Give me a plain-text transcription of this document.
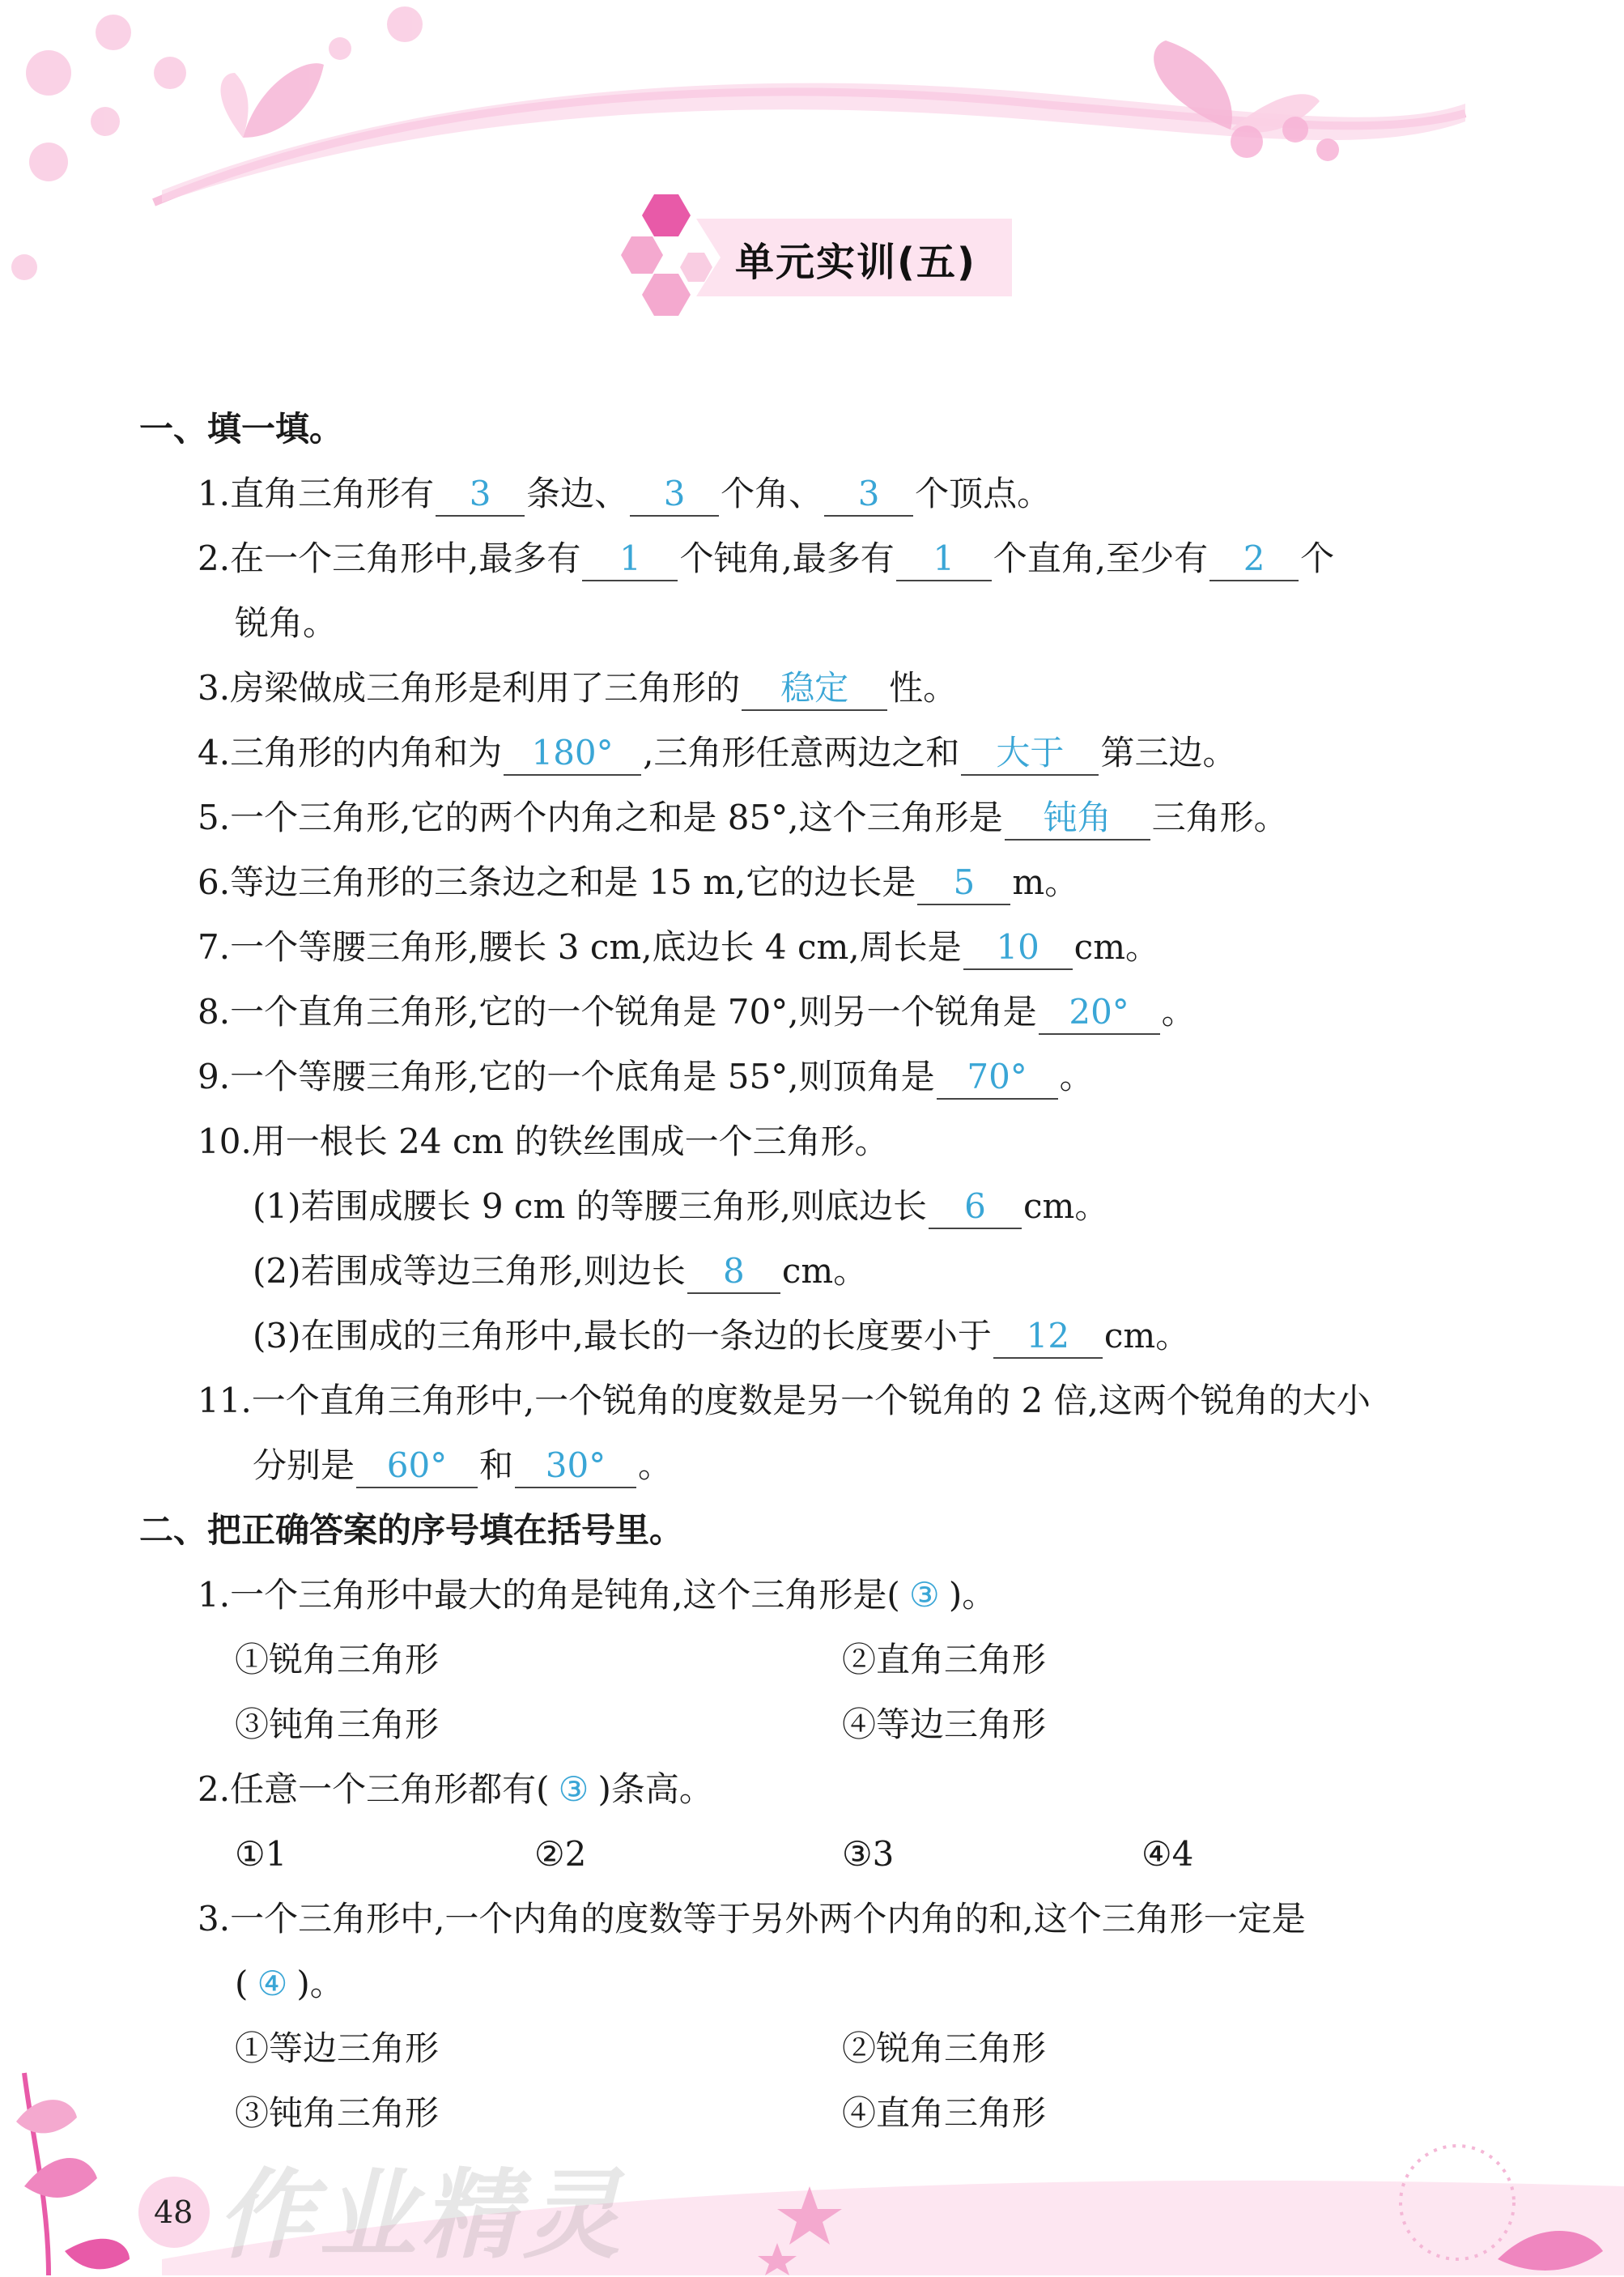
单元实训(五)
一、填一填。
1.直角三角形有 3 条边、 3 个角、 3 个顶点。
2.在一个三角形中,最多有 1 个钝角,最多有 1 个直角,至少有 2 个
锐角。
3.房梁做成三角形是利用了三角形的 稳定 性。
4.三角形的内角和为 180° ,三角形任意两边之和 大于 第三边。
5.一个三角形,它的两个内角之和是 85°,这个三角形是 钝角 三角形。
6.等边三角形的三条边之和是 15 m,它的边长是 5 m。
7.一个等腰三角形,腰长 3 cm,底边长 4 cm,周长是 10 cm。
8.一个直角三角形,它的一个锐角是 70°,则另一个锐角是 20° 。
9.一个等腰三角形,它的一个底角是 55°,则顶角是 70° 。
10.用一根长 24 cm 的铁丝围成一个三角形。
(1)若围成腰长 9 cm 的等腰三角形,则底边长 6 cm。
(2)若围成等边三角形,则边长 8 cm。
(3)在围成的三角形中,最长的一条边的长度要小于 12 cm。
11.一个直角三角形中,一个锐角的度数是另一个锐角的 2 倍,这两个锐角的大小
分别是 60° 和 30° 。
二、把正确答案的序号填在括号里。
1.一个三角形中最大的角是钝角,这个三角形是( ③ )。
①锐角三角形	②直角三角形
③钝角三角形	④等边三角形
2.任意一个三角形都有( ③ )条高。
①1	②2	③3	④4
3.一个三角形中,一个内角的度数等于另外两个内角的和,这个三角形一定是
( ④ )。
①等边三角形	②锐角三角形
③钝角三角形	④直角三角形
48 作业精灵
